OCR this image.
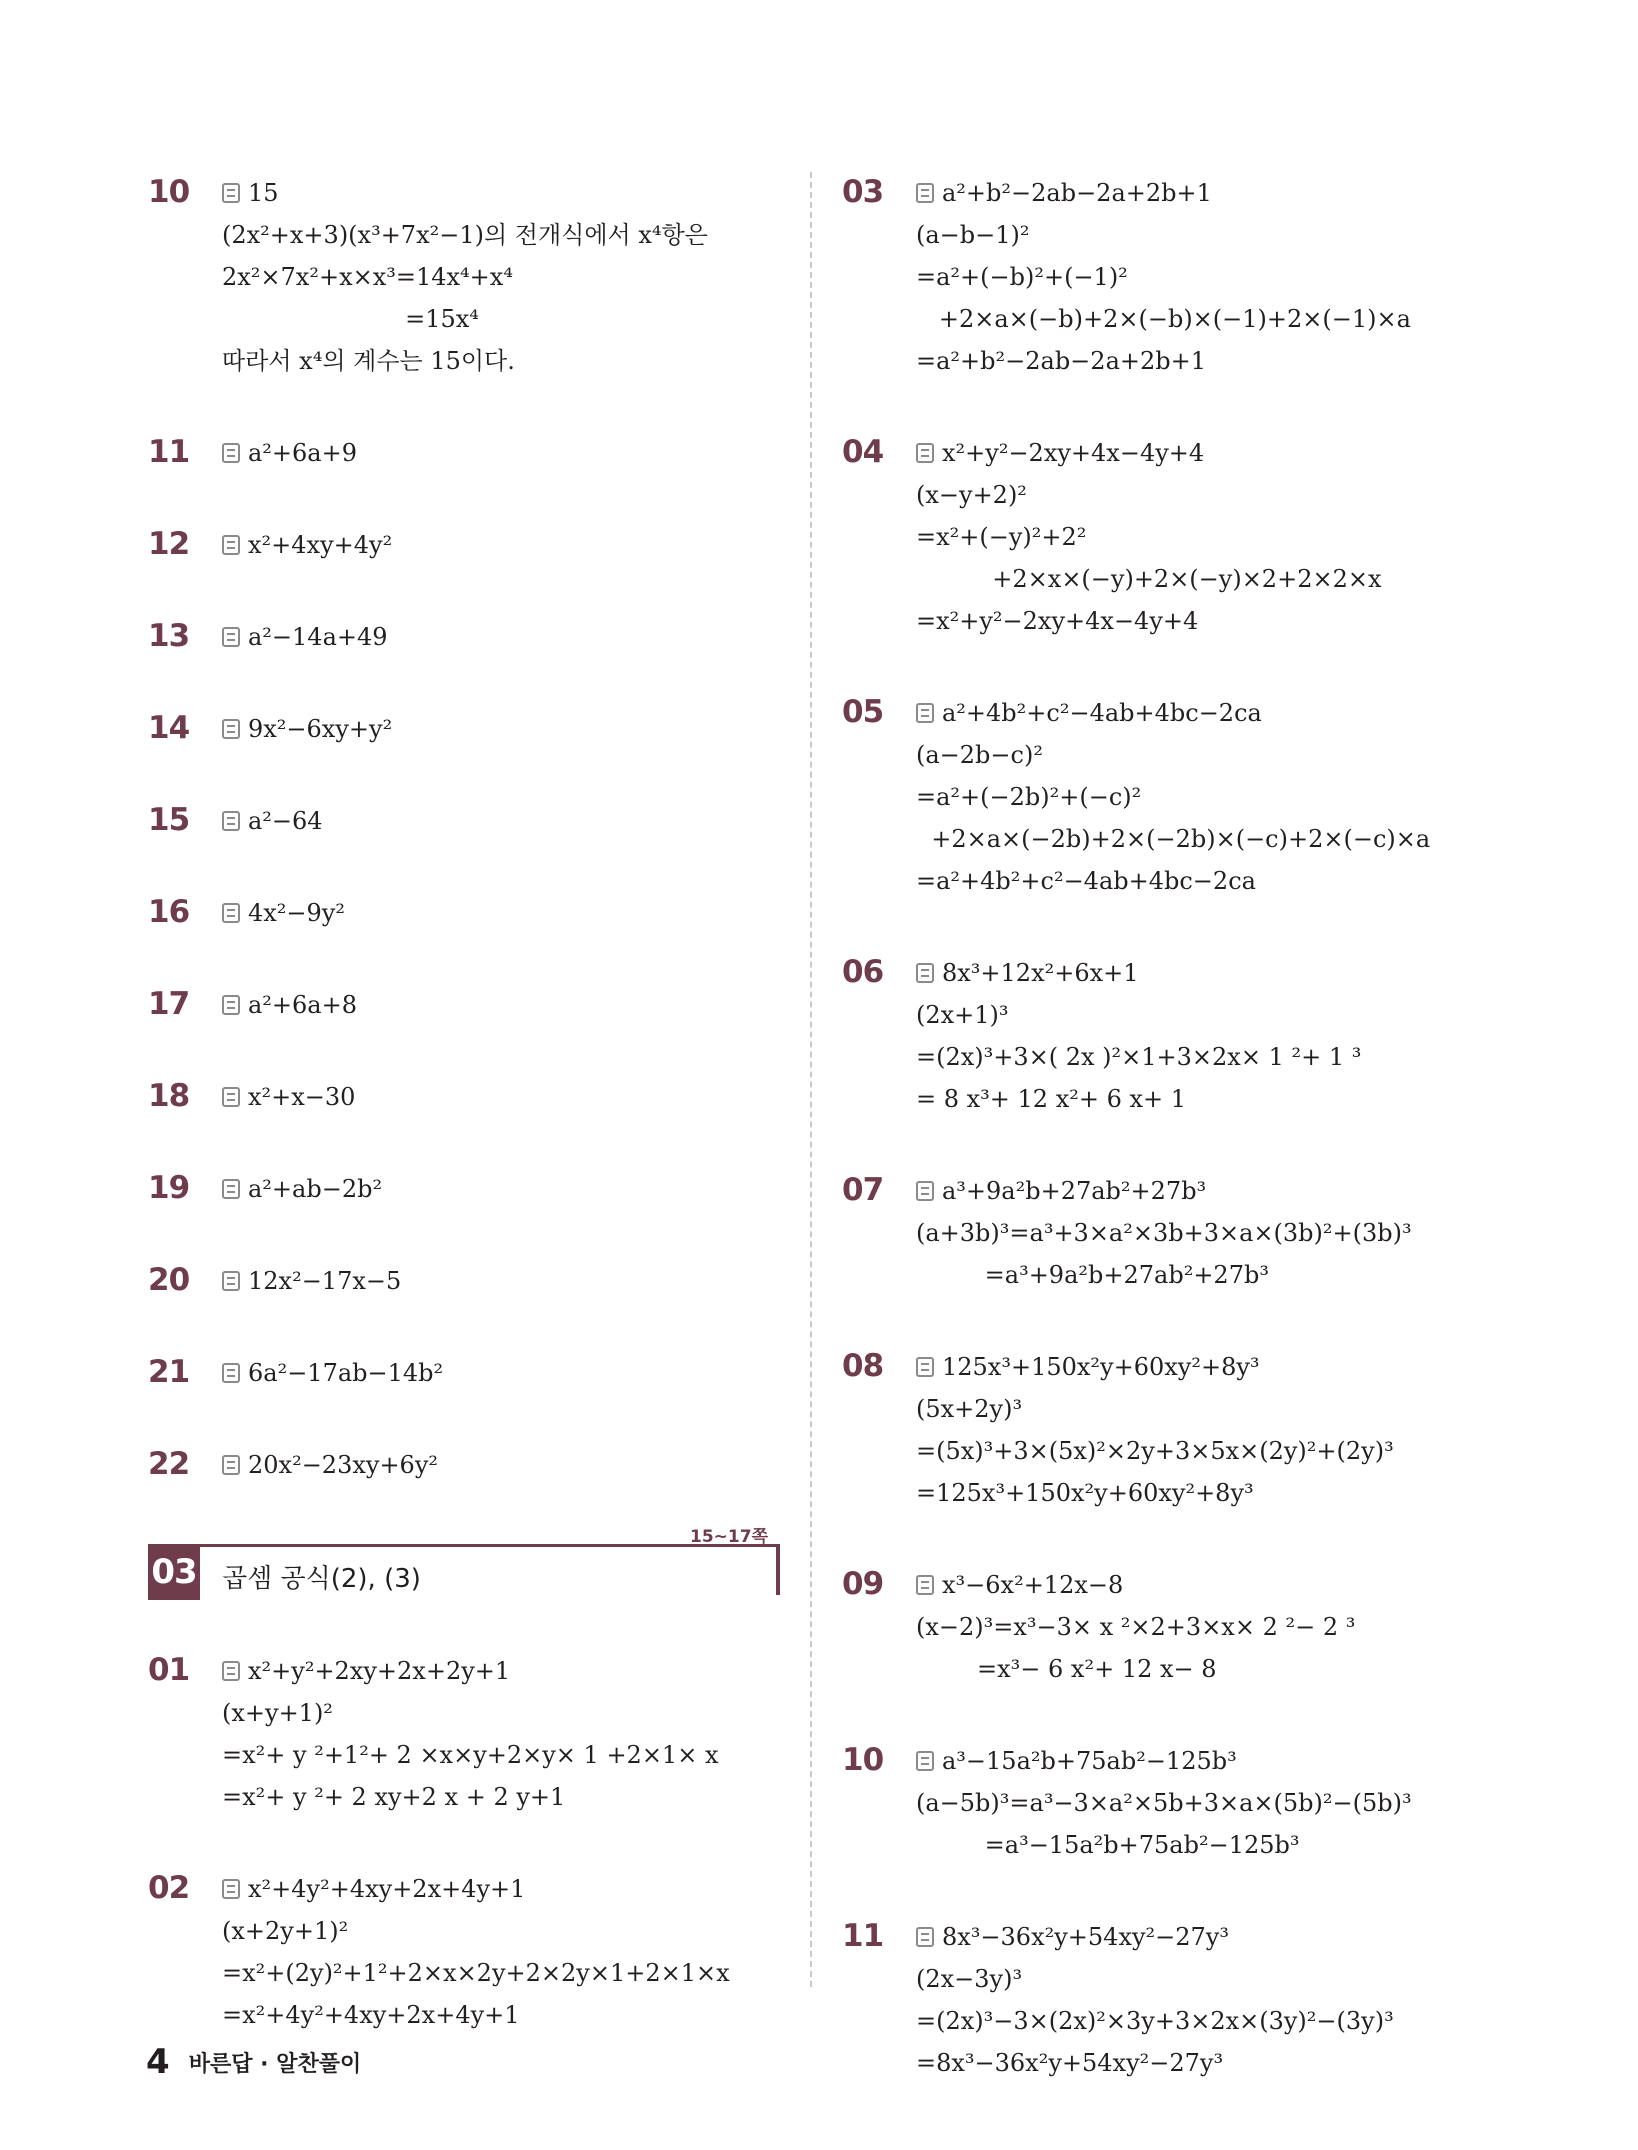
10	15
(2x²+x+3)(x³+7x²−1)의 전개식에서 x⁴항은
2x²×7x²+x×x³=14x⁴+x⁴
=15x⁴
따라서 x⁴의 계수는 15이다.
11	a²+6a+9
12	x²+4xy+4y²
13	a²−14a+49
14	9x²−6xy+y²
15	a²−64
16	4x²−9y²
17	a²+6a+8
18	x²+x−30
19	a²+ab−2b²
20	12x²−17x−5
21	6a²−17ab−14b²
22	20x²−23xy+6y²
15~17쪽
03 곱셈 공식(2), (3)
01	x²+y²+2xy+2x+2y+1
(x+y+1)²
=x²+ y ²+1²+ 2 ×x×y+2×y× 1 +2×1× x
=x²+ y ²+ 2 xy+2 x + 2 y+1
02	x²+4y²+4xy+2x+4y+1
(x+2y+1)²
=x²+(2y)²+1²+2×x×2y+2×2y×1+2×1×x
=x²+4y²+4xy+2x+4y+1
03	a²+b²−2ab−2a+2b+1
(a−b−1)²
=a²+(−b)²+(−1)²
+2×a×(−b)+2×(−b)×(−1)+2×(−1)×a
=a²+b²−2ab−2a+2b+1
04	x²+y²−2xy+4x−4y+4
(x−y+2)²
=x²+(−y)²+2²
+2×x×(−y)+2×(−y)×2+2×2×x
=x²+y²−2xy+4x−4y+4
05	a²+4b²+c²−4ab+4bc−2ca
(a−2b−c)²
=a²+(−2b)²+(−c)²
+2×a×(−2b)+2×(−2b)×(−c)+2×(−c)×a
=a²+4b²+c²−4ab+4bc−2ca
06	8x³+12x²+6x+1
(2x+1)³
=(2x)³+3×( 2x )²×1+3×2x× 1 ²+ 1 ³
= 8 x³+ 12 x²+ 6 x+ 1
07	a³+9a²b+27ab²+27b³
(a+3b)³=a³+3×a²×3b+3×a×(3b)²+(3b)³
=a³+9a²b+27ab²+27b³
08	125x³+150x²y+60xy²+8y³
(5x+2y)³
=(5x)³+3×(5x)²×2y+3×5x×(2y)²+(2y)³
=125x³+150x²y+60xy²+8y³
09	x³−6x²+12x−8
(x−2)³=x³−3× x ²×2+3×x× 2 ²− 2 ³
=x³− 6 x²+ 12 x− 8
10	a³−15a²b+75ab²−125b³
(a−5b)³=a³−3×a²×5b+3×a×(5b)²−(5b)³
=a³−15a²b+75ab²−125b³
11	8x³−36x²y+54xy²−27y³
(2x−3y)³
=(2x)³−3×(2x)²×3y+3×2x×(3y)²−(3y)³
=8x³−36x²y+54xy²−27y³
4 바른답 · 알찬풀이
